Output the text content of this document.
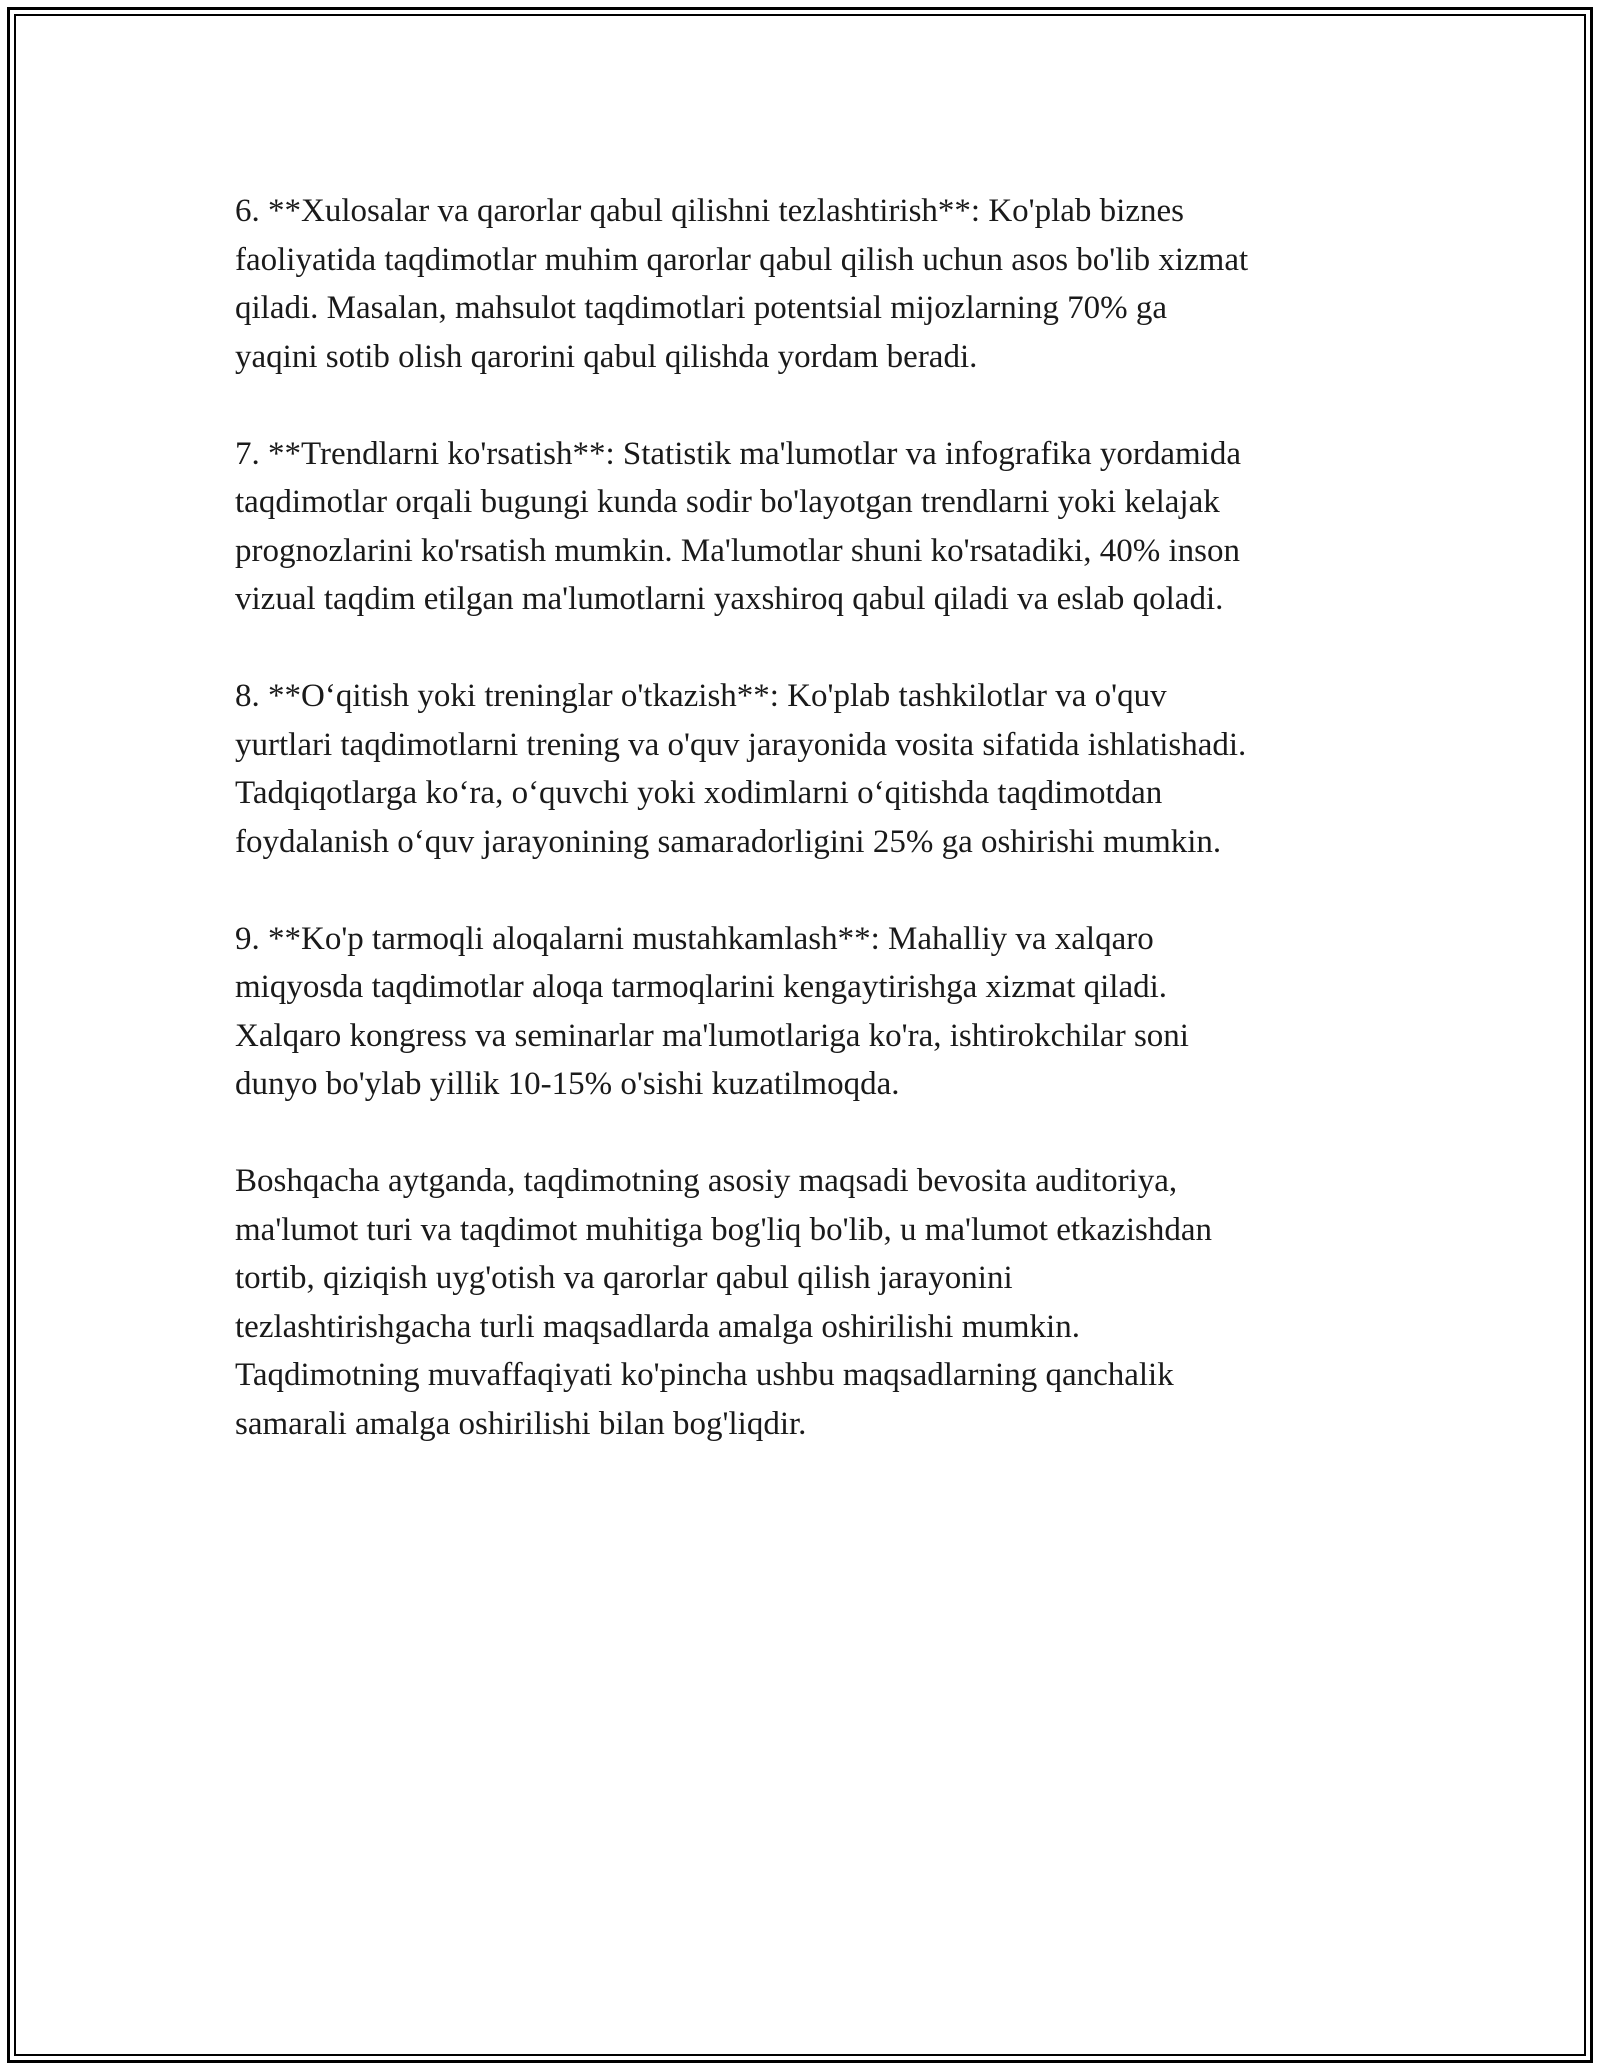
6. **Xulosalar va qarorlar qabul qilishni tezlashtirish**: Ko'plab biznes
faoliyatida taqdimotlar muhim qarorlar qabul qilish uchun asos bo'lib xizmat
qiladi. Masalan, mahsulot taqdimotlari potentsial mijozlarning 70% ga
yaqini sotib olish qarorini qabul qilishda yordam beradi.

7. **Trendlarni ko'rsatish**: Statistik ma'lumotlar va infografika yordamida
taqdimotlar orqali bugungi kunda sodir bo'layotgan trendlarni yoki kelajak
prognozlarini ko'rsatish mumkin. Ma'lumotlar shuni ko'rsatadiki, 40% inson
vizual taqdim etilgan ma'lumotlarni yaxshiroq qabul qiladi va eslab qoladi.

8. **O‘qitish yoki treninglar o'tkazish**: Ko'plab tashkilotlar va o'quv
yurtlari taqdimotlarni trening va o'quv jarayonida vosita sifatida ishlatishadi.
Tadqiqotlarga ko‘ra, o‘quvchi yoki xodimlarni o‘qitishda taqdimotdan
foydalanish o‘quv jarayonining samaradorligini 25% ga oshirishi mumkin.

9. **Ko'p tarmoqli aloqalarni mustahkamlash**: Mahalliy va xalqaro
miqyosda taqdimotlar aloqa tarmoqlarini kengaytirishga xizmat qiladi.
Xalqaro kongress va seminarlar ma'lumotlariga ko'ra, ishtirokchilar soni
dunyo bo'ylab yillik 10-15% o'sishi kuzatilmoqda.

Boshqacha aytganda, taqdimotning asosiy maqsadi bevosita auditoriya,
ma'lumot turi va taqdimot muhitiga bog'liq bo'lib, u ma'lumot etkazishdan
tortib, qiziqish uyg'otish va qarorlar qabul qilish jarayonini
tezlashtirishgacha turli maqsadlarda amalga oshirilishi mumkin.
Taqdimotning muvaffaqiyati ko'pincha ushbu maqsadlarning qanchalik
samarali amalga oshirilishi bilan bog'liqdir.
